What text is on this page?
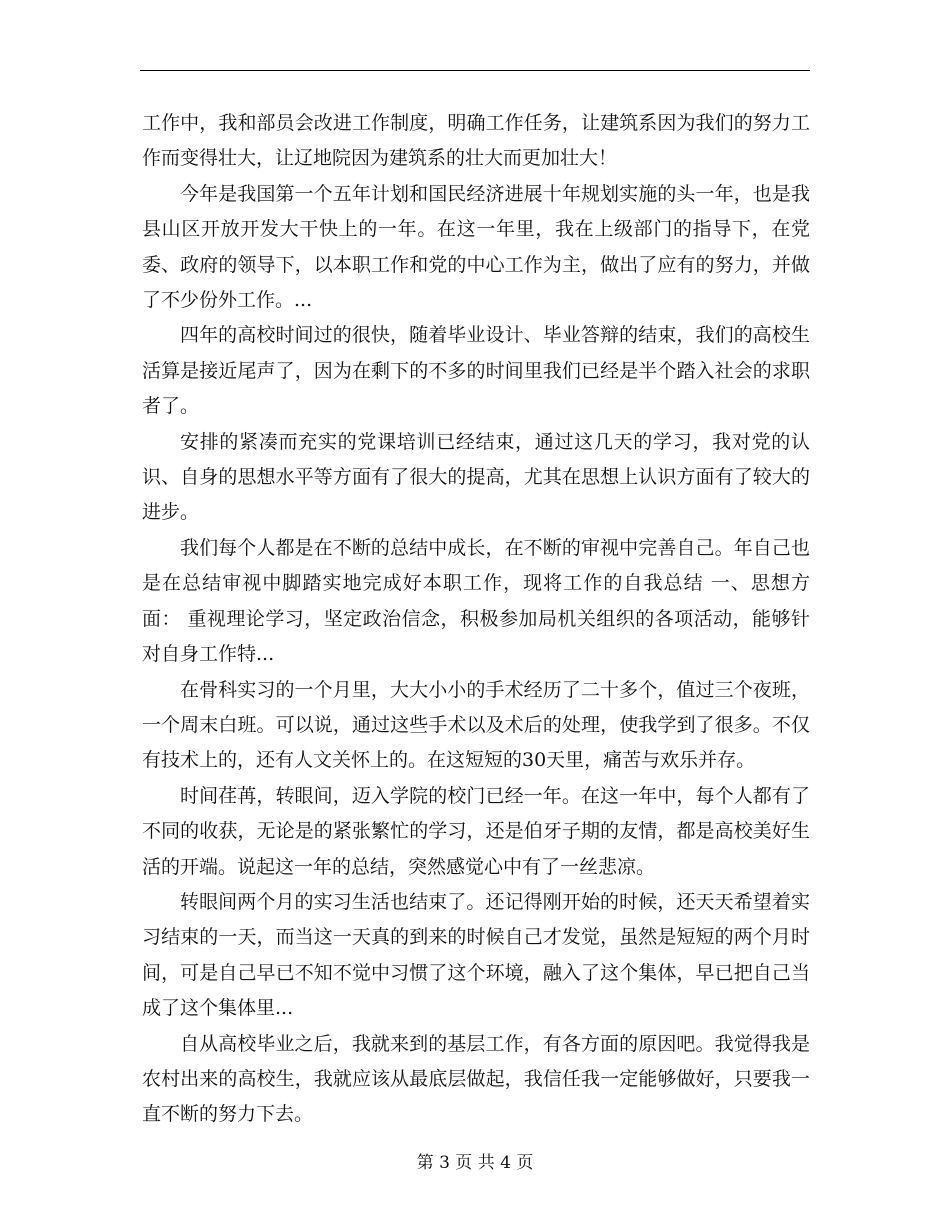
工作中，我和部员会改进工作制度，明确工作任务，让建筑系因为我们的努力工作而变得壮大，让辽地院因为建筑系的壮大而更加壮大！

今年是我国第一个五年计划和国民经济进展十年规划实施的头一年，也是我县山区开放开发大干快上的一年。在这一年里，我在上级部门的指导下，在党委、政府的领导下，以本职工作和党的中心工作为主，做出了应有的努力，并做了不少份外工作。...

四年的高校时间过的很快，随着毕业设计、毕业答辩的结束，我们的高校生活算是接近尾声了，因为在剩下的不多的时间里我们已经是半个踏入社会的求职者了。

安排的紧凑而充实的党课培训已经结束，通过这几天的学习，我对党的认识、自身的思想水平等方面有了很大的提高，尤其在思想上认识方面有了较大的进步。

我们每个人都是在不断的总结中成长，在不断的审视中完善自己。年自己也是在总结审视中脚踏实地完成好本职工作，现将工作的自我总结 一、思想方面： 重视理论学习，坚定政治信念，积极参加局机关组织的各项活动，能够针对自身工作特...

在骨科实习的一个月里，大大小小的手术经历了二十多个，值过三个夜班，一个周末白班。可以说，通过这些手术以及术后的处理，使我学到了很多。不仅有技术上的，还有人文关怀上的。在这短短的30天里，痛苦与欢乐并存。

时间荏苒，转眼间，迈入学院的校门已经一年。在这一年中，每个人都有了不同的收获，无论是的紧张繁忙的学习，还是伯牙子期的友情，都是高校美好生活的开端。说起这一年的总结，突然感觉心中有了一丝悲凉。

转眼间两个月的实习生活也结束了。还记得刚开始的时候，还天天希望着实习结束的一天，而当这一天真的到来的时候自己才发觉，虽然是短短的两个月时间，可是自己早已不知不觉中习惯了这个环境，融入了这个集体，早已把自己当成了这个集体里...

自从高校毕业之后，我就来到的基层工作，有各方面的原因吧。我觉得我是农村出来的高校生，我就应该从最底层做起，我信任我一定能够做好，只要我一直不断的努力下去。

第 3 页 共 4 页
